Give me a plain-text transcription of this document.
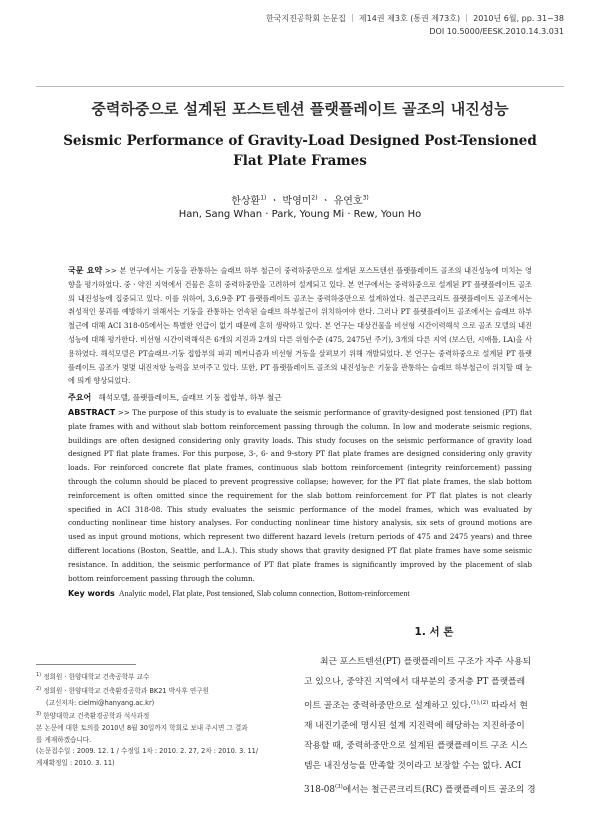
한국지진공학회 논문집 ｜ 제14권 제3호 (통권 제73호) ｜ 2010년 6월, pp. 31~38
DOI 10.5000/EESK.2010.14.3.031
중력하중으로 설계된 포스트텐션 플랫플레이트 골조의 내진성능
Seismic Performance of Gravity-Load Designed Post-Tensioned
Flat Plate Frames
한상환$^{1)}$ ㆍ 박영미$^{2)}$ ㆍ 유연호$^{3)}$
Han, Sang Whan · Park, Young Mi · Rew, Youn Ho

국문 요약 >> 본 연구에서는 기둥을 관통하는 슬래브 하부 철근이 중력하중만으로 설계된 포스트텐션 플랫플레이트 골조의 내진성능에 미치는 영향을 평가하였다. 중ㆍ약진 지역에서 건물은 흔히 중력하중만을 고려하여 설계되고 있다. 본 연구에서는 중력하중으로 설계된 PT 플랫플레이트 골조의 내진성능에 집중되고 있다. 이를 위하여, 3,6,9층 PT 플랫플레이트 골조는 중력하중만으로 설계하였다. 철근콘크리트 플랫플레이트 골조에서는 취성적인 붕괴를 예방하기 위해서는 기둥을 관통하는 연속된 슬래브 하부철근이 위치하여야 한다. 그러나 PT 플랫플레이트 골조에서는 슬래브 하부 철근에 대해 ACI 318-05에서는 특별한 언급이 없기 때문에 흔히 생략하고 있다. 본 연구는 대상건물을 비선형 시간이력해석 으로 골조 모델의 내진성능에 대해 평가한다. 비선형 시간이력해석은 6개의 지진과 2개의 다른 위험수준 (475, 2475년 주기), 3개의 다른 지역 (보스턴, 시애틀, LA)을 사용하였다. 해석모델은 PT슬래브-기둥 접합부의 파괴 메커니즘과 비선형 거동을 살펴보기 위해 개발되었다. 본 연구는 중력하중으로 설계된 PT 플랫플레이트 골조가 몇몇 내진저항 능력을 보여주고 있다. 또한, PT 플랫플레이트 골조의 내진성능은 기둥을 관통하는 슬래브 하부철근이 위치할 때 눈에 띄게 향상되었다.

주요어 해석모델, 플랫플레이트, 슬래브 기둥 접합부, 하부 철근

ABSTRACT >> The purpose of this study is to evaluate the seismic performance of gravity-designed post tensioned (PT) flat plate frames with and without slab bottom reinforcement passing through the column. In low and moderate seismic regions, buildings are often designed considering only gravity loads. This study focuses on the seismic performance of gravity load designed PT flat plate frames. For this purpose, 3-, 6- and 9-story PT flat plate frames are designed considering only gravity loads. For reinforced concrete flat plate frames, continuous slab bottom reinforcement (integrity reinforcement) passing through the column should be placed to prevent progressive collapse; however, for the PT flat plate frames, the slab bottom reinforcement is often omitted since the requirement for the slab bottom reinforcement for PT flat plates is not clearly specified in ACI 318-08. This study evaluates the seismic performance of the model frames, which was evaluated by conducting nonlinear time history analyses. For conducting nonlinear time history analysis, six sets of ground motions are used as input ground motions, which represent two different hazard levels (return periods of 475 and 2475 years) and three different locations (Boston, Seattle, and L.A.). This study shows that gravity designed PT flat plate frames have some seismic resistance. In addition, the seismic performance of PT flat plate frames is significantly improved by the placement of slab bottom reinforcement passing through the column.

Key words Analytic model, Flat plate, Post tensioned, Slab column connection, Bottom-reinforcement

1. 서 론
최근 포스트텐션(PT) 플랫플레이트 구조가 자주 사용되
고 있으나, 중약진 지역에서 대부분의 중저층 PT 플랫플레
이트 골조는 중력하중만으로 설계하고 있다.$^{(1),(2)}$ 따라서 현
재 내진기준에 명시된 설계 지진력에 해당하는 지진하중이
작용할 때, 중력하중만으로 설계된 플랫플레이트 구조 시스
템은 내진성능을 만족할 것이라고 보장할 수는 없다. ACI
318-08$^{(3)}$에서는 철근콘크리트(RC) 플랫플레이트 골조의 경

$^{1)}$ 정회원ㆍ한양대학교 건축공학부 교수

$^{2)}$ 정회원ㆍ한양대학교 건축환경공학과 BK21 박사후 연구원

(교신저자: cielmi@hanyang.ac.kr)

$^{3)}$ 한양대학교 건축환경공학과 석사과정

본 논문에 대한 토의를 2010년 8월 30일까지 학회로 보내 주시면 그 결과

를 게재하겠습니다.

(논문접수일 : 2009. 12. 1 / 수정일 1차 : 2010. 2. 27, 2차 : 2010. 3. 11/

게재확정일 : 2010. 3. 11)
